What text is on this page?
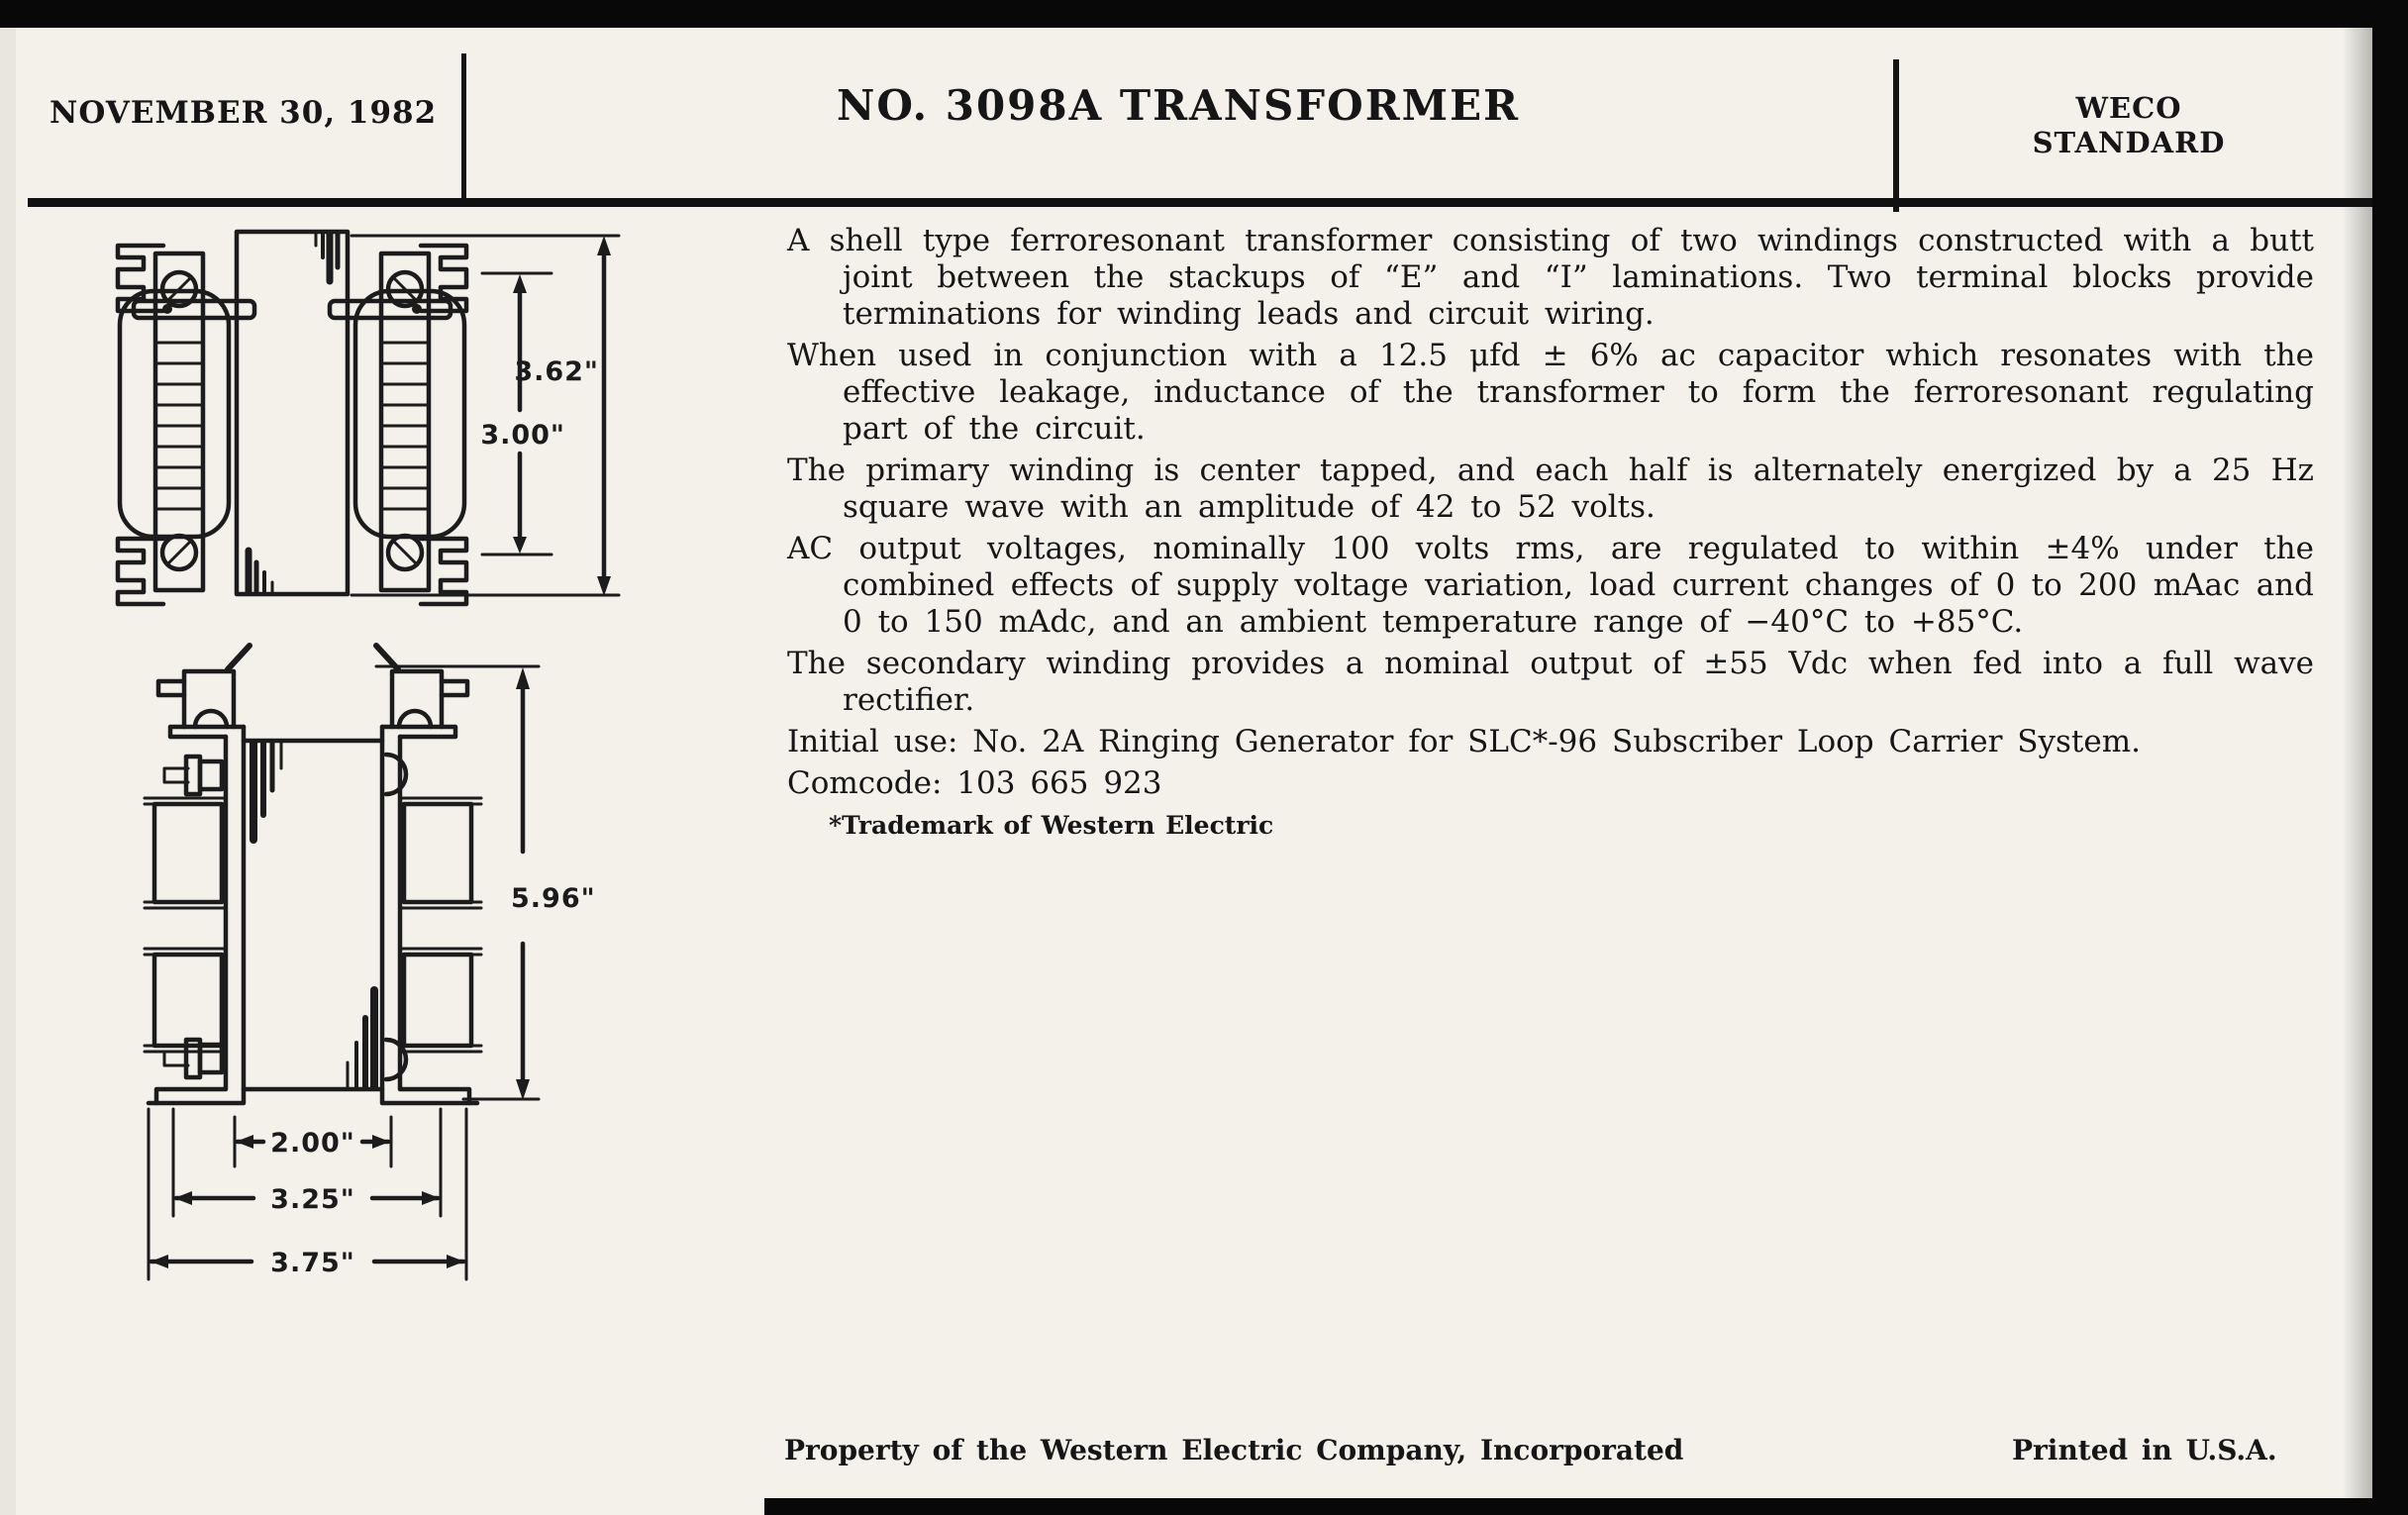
NOVEMBER 30, 1982	NO. 3098A TRANSFORMER	WECO
STANDARD
3.62"
3.00"
5.96"
2.00"
3.25"
3.75"

A shell type ferroresonant transformer consisting of two windings constructed with a butt joint between the stackups of “E” and “I” laminations. Two terminal blocks provide terminations for winding leads and circuit wiring.

When used in conjunction with a 12.5 μfd ± 6% ac capacitor which resonates with the effective leakage, inductance of the transformer to form the ferroresonant regulating part of the circuit.

The primary winding is center tapped, and each half is alternately energized by a 25 Hz square wave with an amplitude of 42 to 52 volts.

AC output voltages, nominally 100 volts rms, are regulated to within ±4% under the combined effects of supply voltage variation, load current changes of 0 to 200 mAac and 0 to 150 mAdc, and an ambient temperature range of −40°C to +85°C.

The secondary winding provides a nominal output of ±55 Vdc when fed into a full wave rectifier.

Initial use: No. 2A Ringing Generator for SLC*-96 Subscriber Loop Carrier System.

Comcode: 103 665 923

*Trademark of Western Electric

Property of the Western Electric Company, Incorporated	Printed in U.S.A.
